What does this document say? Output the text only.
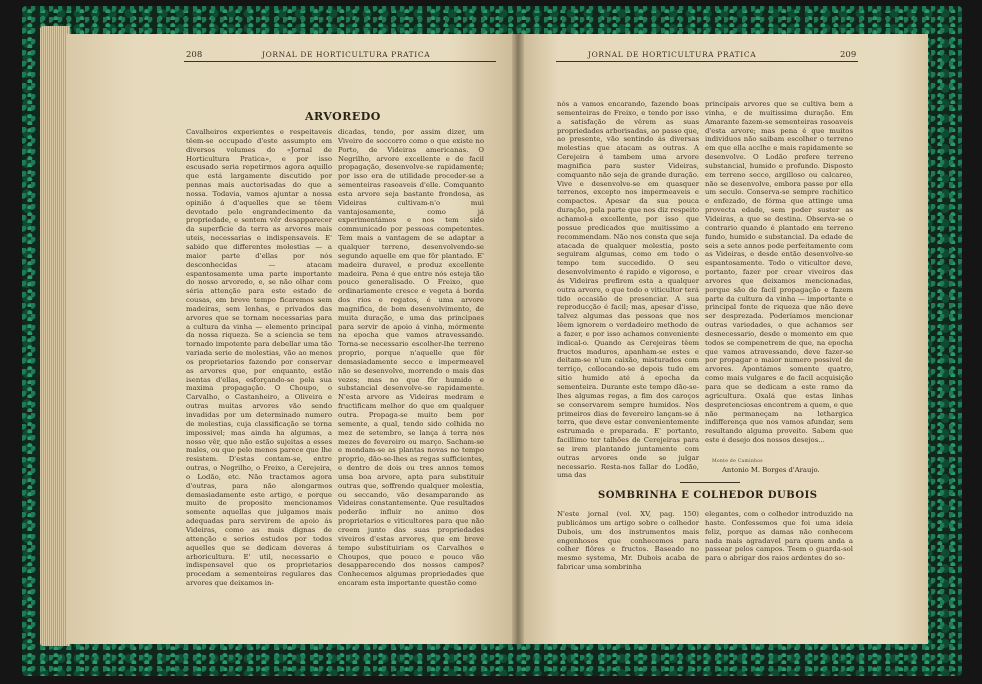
208	JORNAL DE HORTICULTURA PRATICA
ARVOREDO

Cavalheiros experientes e respeitaveis têem-se occupado d'este assumpto em diversos volumes do «Jornal de Horticultura Pratica», e por isso escusado seria repetirmos agora aquillo que está largamente discutido por pennas mais auctorisadas do que a nossa. Todavia, vamos ajuntar a nossa opinião á d'aquelles que se têem devotado pelo engrandecimento da propriedade, e sentem vêr desapparecer da superficie da terra as arvores mais uteis, necessarias e indispensaveis. E' sabido que differentes molestias — a maior parte d'ellas por nós desconhecidas — atacam espantosamente uma parte importante do nosso arvoredo, e, se não olhar com séria attenção para este estado de cousas, em breve tempo ficaremos sem madeiras, sem lenhas, e privados das arvores que se tornam necessarias para a cultura da vinha — elemento principal da nossa riqueza. Se a sciencia se tem tornado impotente para debellar uma tão variada serie de molestias, vão ao menos os proprietarios fazendo por conservar as arvores que, por enquanto, estão isentas d'ellas, esforçando-se pela sua maxima propagação. O Choupo, o Carvalho, o Castanheiro, a Oliveira e outras muitas arvores vão sendo invadidas por um determinado numero de molestias, cuja classificação se torna impossivel; mas ainda ha algumas, a nosso vêr, que não estão sujeitas a esses males, ou que pelo menos parece que lhe resistem. D'estas contam-se, entre outras, o Negrilho, o Freixo, a Cerejeira, o Lodão, etc. Não tractamos agora d'outras, para não alongarmos demasiadamente este artigo, e porque muito de proposito mencionamos somente aquellas que julgamos mais adequadas para servirem de apoio ás Videiras, como as mais dignas de attenção e serios estudos por todos aquelles que se dedicam deveras á arboricultura. E' util, necessario e indispensavel que os proprietarios procedam a sementeiras regulares das arvores que deixamos in-

dicadas, tendo, por assim dizer, um Viveiro de soccorro como o que existe no Porto, de Videiras americanas. O Negrilho, arvore excellente e de facil propagação, desenvolve-se rapidamente; por isso era de utilidade proceder-se a sementeiras rasoaveis d'elle. Comquanto esta arvore seja bastante frondosa, as Videiras cultivam-n'o mui vantajosamente, como já experimentámos e nos tem sido communicado por pessoas competentes. Tem mais a vantagem de se adaptar a qualquer terreno, desenvolvendo-se segundo aquelle em que fôr plantado. E' madeira duravel, e produz excellente madeira. Pena é que entre nós esteja tão pouco generalisado. O Freixo, que ordinariamente cresce e vegeta á borda dos rios e regatos, é uma arvore magnifica, de bom desenvolvimento, de muita duração, e uma das principaes para servir de apoio á vinha, mórmente na epocha que vamos atravessando. Torna-se necessario escolher-lhe terreno proprio, porque n'aquelle que fôr demasiadamente secco e impermeavel não se desenvolve, morrendo o mais das vezes; mas no que fôr humido e substancial desenvolve-se rapidamente. N'esta arvore as Videiras medram e fructificam melhor do que em qualquer outra. Propaga-se muito bem por semente, a qual, tendo sido colhida no mez de setembro, se lança á terra nos mezes de fevereiro ou março. Sacham-se e mondam-se as plantas novas no tempo proprio, dão-se-lhes as regas sufficientes, e dentro de dois ou tres annos temos uma boa arvore, apta para substituir outras que, soffrendo qualquer molestia, ou seccando, vão desamparando as Videiras constantemente. Que resultados poderão influir no animo dos proprietarios e viticultores para que não creem junto das suas propriedades viveiros d'estas arvores, que em breve tempo substituiriam os Carvalhos e Choupos, que pouco e pouco vão desapparecendo dos nossos campos? Conhecemos algumas propriedades que encaram esta importante questão como

JORNAL DE HORTICULTURA PRATICA	209

nós a vamos encarando, fazendo boas sementeiras de Freixo, e tendo por isso a satisfação de vêrem as suas propriedades arborisadas, ao passo que, ao presente, vão sentindo ás diversas molestias que atacam as outras. A Cerejeira é tambem uma arvore magnifica para suster Videiras, comquanto não seja de grande duração. Vive e desenvolve-se em quasquer terrenos, excepto nos impermeaveis e compactos. Apesar da sua pouca duração, pela parte que nos diz respeito achamol-a excellente, por isso que possue predicados que muitissimo a recommendam. Não nos consta que seja atacada de qualquer molestia, posto seguiram algumas, como em todo o tempo tem succedido. O seu desenvolvimento é rapido e vigoroso, e ás Videiras prefirem esta a qualquer outra arvore, o que todo o viticultor terá tido occasião de presenciar. A sua reproducção é facil; mas, apesar d'isso, talvez algumas das pessoas que nos lêem ignorem o verdadeiro methodo de a fazer, e por isso achamos conveniente indical-o. Quando as Cerejeiras têem fructos maduros, apanham-se estes e deitam-se n'um caixão, misturados com terriço, collocando-se depois tudo em sitio humido até á epocha da sementeira. Durante este tempo dão-se-lhes algumas regas, a fim dos caroços se conservarem sempre humidos. Nos primeiros dias de fevereiro lançam-se á terra, que deve estar convenientemente estrumada e preparada. E' portanto, facillimo ter talhões de Cerejeiras para se irem plantando juntamente com outras arvores onde se julgar necessario. Resta-nos fallar do Lodão, uma das

principais arvores que se cultiva bem a vinha, e de muitissima duração. Em Amarante fazem-se sementeiras rasoaveis d'esta arvore; mas pena é que muitos individuos não saibam escolher o terreno em que ella acclhe e mais rapidamente se desenvolve. O Lodão prefere terreno substancial, humido e profundo. Disposto em terreno secco, argilloso ou calcareo, não se desenvolve, embora passe por ella um seculo. Conserva-se sempre rachitico e enfezado, de fórma que attinge uma provecta edade, sem poder suster as Videiras, a que se destina. Observa-se o contrario quando é plantado em terreno fundo, humido e substancial. Da edade de seis a sete annos pode perfeitamente com as Videiras, e desde então desenvolve-se espantosamente. Todo o viticultor deve, portanto, fazer por crear viveiros das arvores que deixamos mencionadas, porque são de facil propagação e fazem parte da cultura da vinha — importante e principal fonte de riqueza que não deve ser desprezada. Poderíamos mencionar outras variedades, o que achamos ser desnecessario, desde o momento em que todos se compenetrem de que, na epocha que vamos atravessando, deve fazer-se por propagar o maior numero possivel de arvores. Apontámos somente quatro, como mais vulgares e de facil acquisição para que se dedicam a este ramo da agricultura. Oxalá que estas linhas despretenciosas encontrem a quem, e que não permaneçam na lethargica indifferença que nos vamos afundar, sem resultando alguma proveito. Sabem que este é desejo dos nossos desejos...

Monte de Caminhos
Antonio M. Borges d'Araujo.
SOMBRINHA E COLHEDOR DUBOIS

N'este jornal (vol. XV, pag. 150) publicámos um artigo sobre o colhedor Dubois, um dos instrumentos mais engenhosos que conhecemos para colher flôres e fructos. Baseado no mesmo systema, Mr. Dubois acaba de fabricar uma sombrinha

elegantes, com o colhedor introduzido na haste. Confessemos que foi uma ideia feliz, porque as damas não conhecem nada mais agradavel para quem anda a passear pelos campos. Teem o guarda-sol para o abrigar dos raios ardentes do so-
